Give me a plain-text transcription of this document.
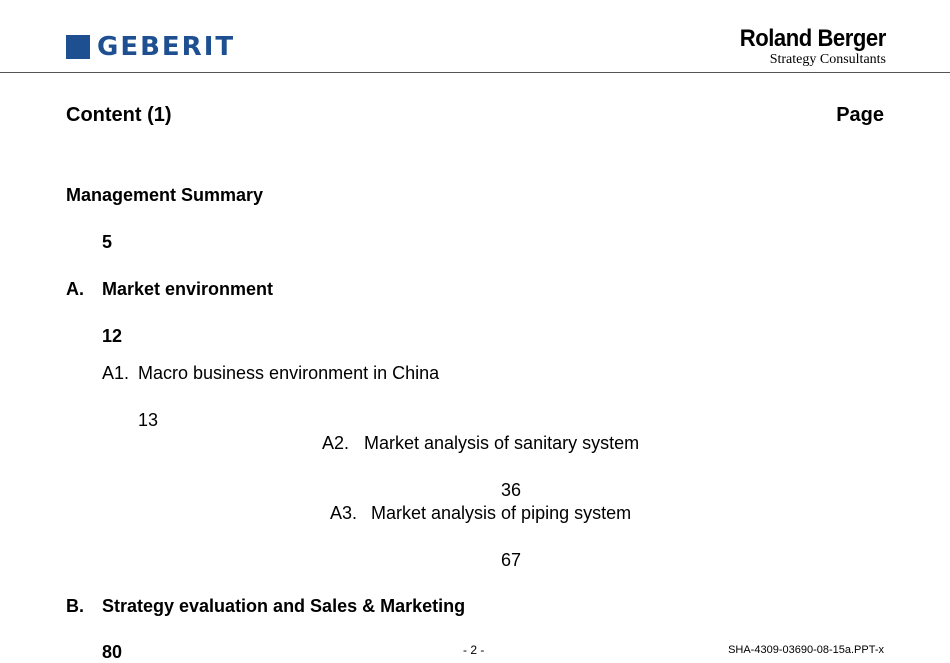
GEBERIT	Roland Berger
Strategy Consultants
Content (1)	Page
Management Summary
5
A. Market environment
12
A1. Macro business environment in China
13
A2. Market analysis of sanitary system
36
A3. Market analysis of piping system
67
B. Strategy evaluation and Sales & Marketing
80	- 2 -	SHA-4309-03690-08-15a.PPT-x
